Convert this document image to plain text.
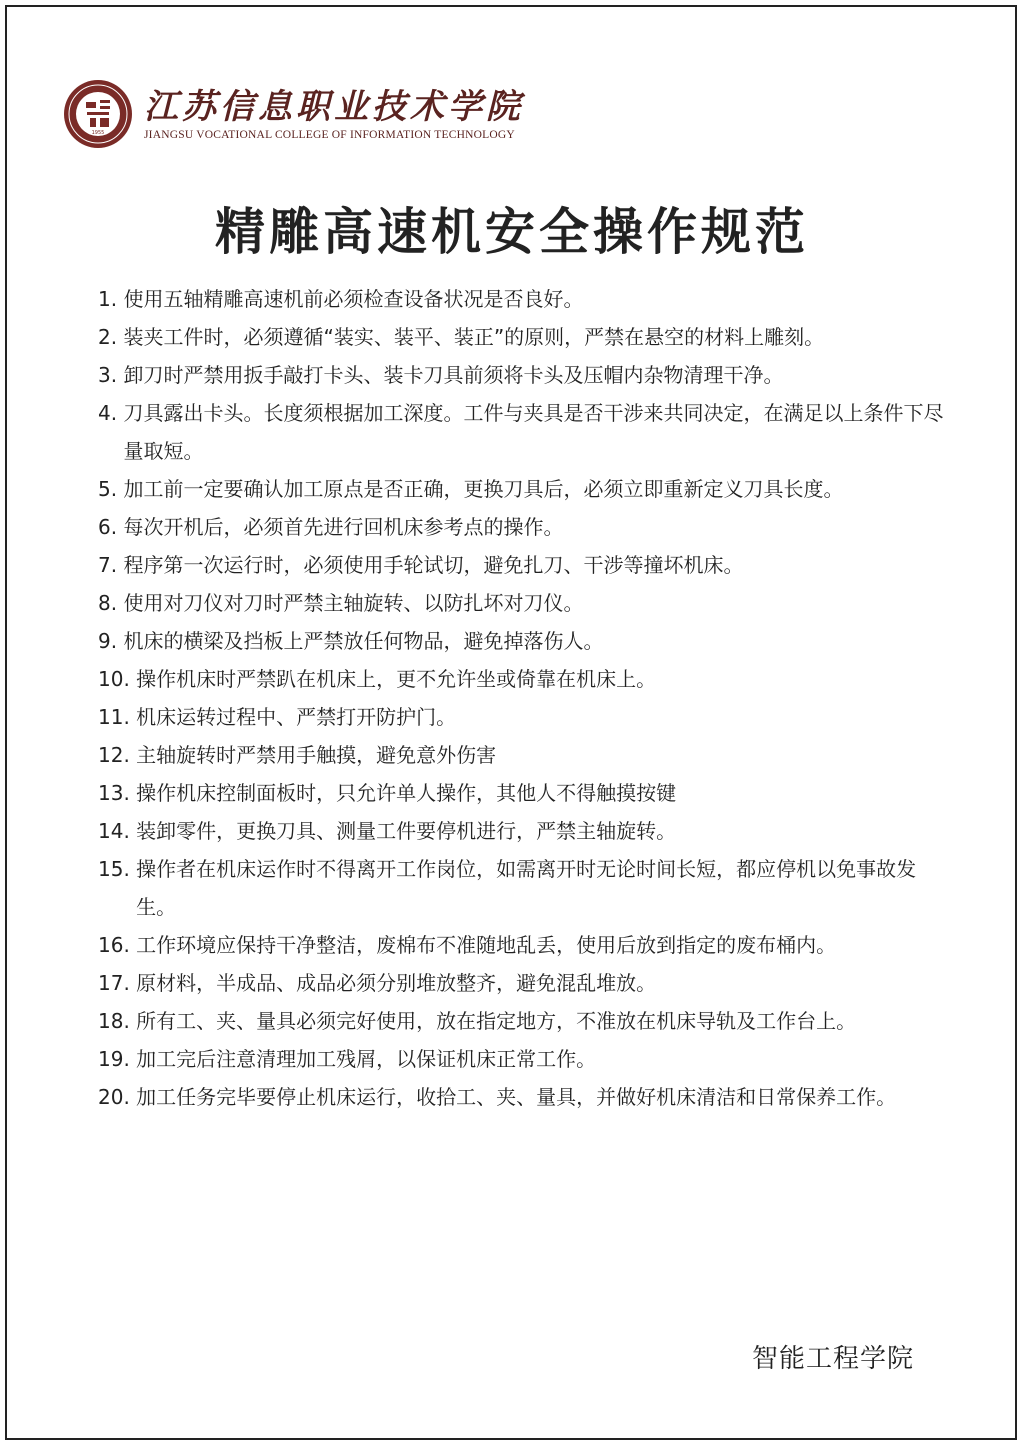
1955
江苏信息职业技术学院
JIANGSU VOCATIONAL COLLEGE OF INFORMATION TECHNOLOGY
精雕高速机安全操作规范
1.
使用五轴精雕高速机前必须检查设备状况是否良好。
2.
装夹工件时，必须遵循“装实、装平、装正”的原则，严禁在悬空的材料上雕刻。
3.
卸刀时严禁用扳手敲打卡头、装卡刀具前须将卡头及压帽内杂物清理干净。
4.
刀具露出卡头。长度须根据加工深度。工件与夹具是否干涉来共同决定，在满足以上条件下尽量取短。
5.
加工前一定要确认加工原点是否正确，更换刀具后，必须立即重新定义刀具长度。
6.
每次开机后，必须首先进行回机床参考点的操作。
7.
程序第一次运行时，必须使用手轮试切，避免扎刀、干涉等撞坏机床。
8.
使用对刀仪对刀时严禁主轴旋转、以防扎坏对刀仪。
9.
机床的横梁及挡板上严禁放任何物品，避免掉落伤人。
10.
操作机床时严禁趴在机床上，更不允许坐或倚靠在机床上。
11.
机床运转过程中、严禁打开防护门。
12.
主轴旋转时严禁用手触摸，避免意外伤害
13.
操作机床控制面板时，只允许单人操作，其他人不得触摸按键
14.
装卸零件，更换刀具、测量工件要停机进行，严禁主轴旋转。
15.
操作者在机床运作时不得离开工作岗位，如需离开时无论时间长短，都应停机以免事故发生。
16.
工作环境应保持干净整洁，废棉布不准随地乱丢，使用后放到指定的废布桶内。
17.
原材料，半成品、成品必须分别堆放整齐，避免混乱堆放。
18.
所有工、夹、量具必须完好使用，放在指定地方，不准放在机床导轨及工作台上。
19.
加工完后注意清理加工残屑，以保证机床正常工作。
20.
加工任务完毕要停止机床运行，收拾工、夹、量具，并做好机床清洁和日常保养工作。
智能工程学院
